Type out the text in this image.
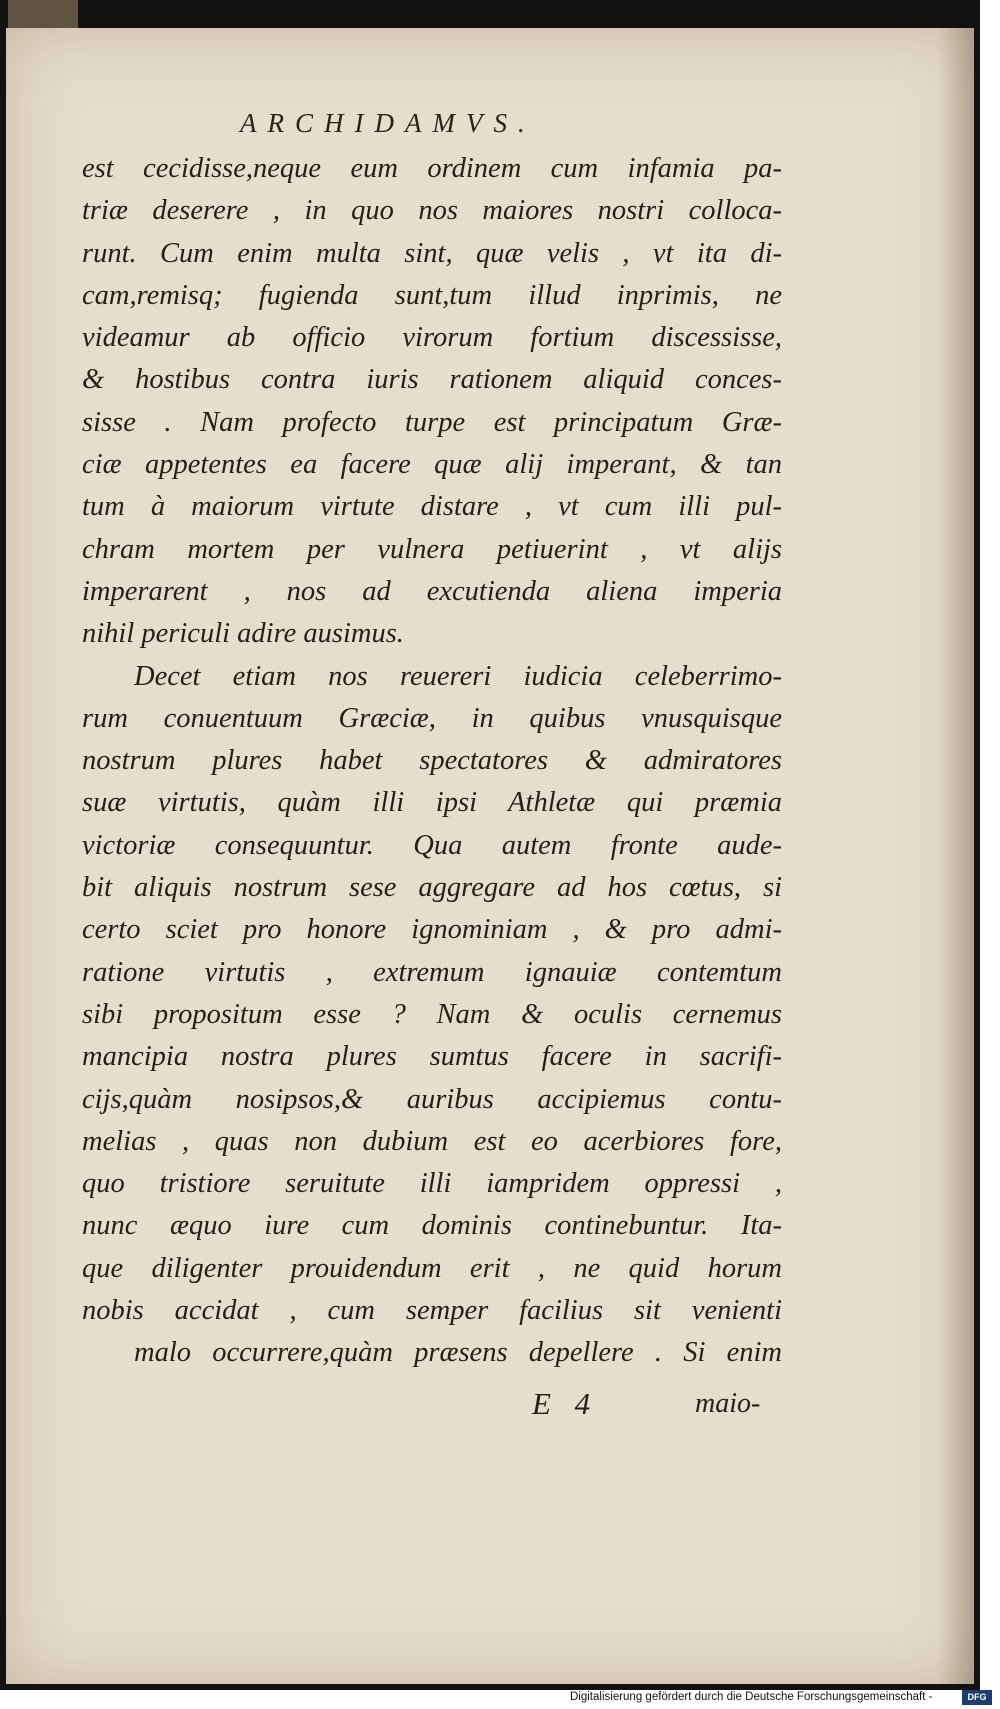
ARCHIDAMVS.
est cecidisse,neque eum ordinem cum infamia pa-
triæ deserere , in quo nos maiores nostri colloca-
runt. Cum enim multa sint, quæ velis , vt ita di-
cam,remisq; fugienda sunt,tum illud inprimis, ne
videamur ab officio virorum fortium discessisse,
& hostibus contra iuris rationem aliquid conces-
sisse . Nam profecto turpe est principatum Græ-
ciæ appetentes ea facere quæ alij imperant, & tan
tum à maiorum virtute distare , vt cum illi pul-
chram mortem per vulnera petiuerint , vt alijs
imperarent , nos ad excutienda aliena imperia
nihil periculi adire ausimus.
Decet etiam nos reuereri iudicia celeberrimo-
rum conuentuum Græciæ, in quibus vnusquisque
nostrum plures habet spectatores & admiratores
suæ virtutis, quàm illi ipsi Athletæ qui præmia
victoriæ consequuntur. Qua autem fronte aude-
bit aliquis nostrum sese aggregare ad hos cœtus, si
certo sciet pro honore ignominiam , & pro admi-
ratione virtutis , extremum ignauiæ contemtum
sibi propositum esse ? Nam & oculis cernemus
mancipia nostra plures sumtus facere in sacrifi-
cijs,quàm nosipsos,& auribus accipiemus contu-
melias , quas non dubium est eo acerbiores fore,
quo tristiore seruitute illi iampridem oppressi ,
nunc æquo iure cum dominis continebuntur. Ita-
que diligenter prouidendum erit , ne quid horum
nobis accidat , cum semper facilius sit venienti
malo occurrere,quàm præsens depellere . Si enim
E 4	maio-
Digitalisierung gefördert durch die Deutsche Forschungsgemeinschaft -	DFG
